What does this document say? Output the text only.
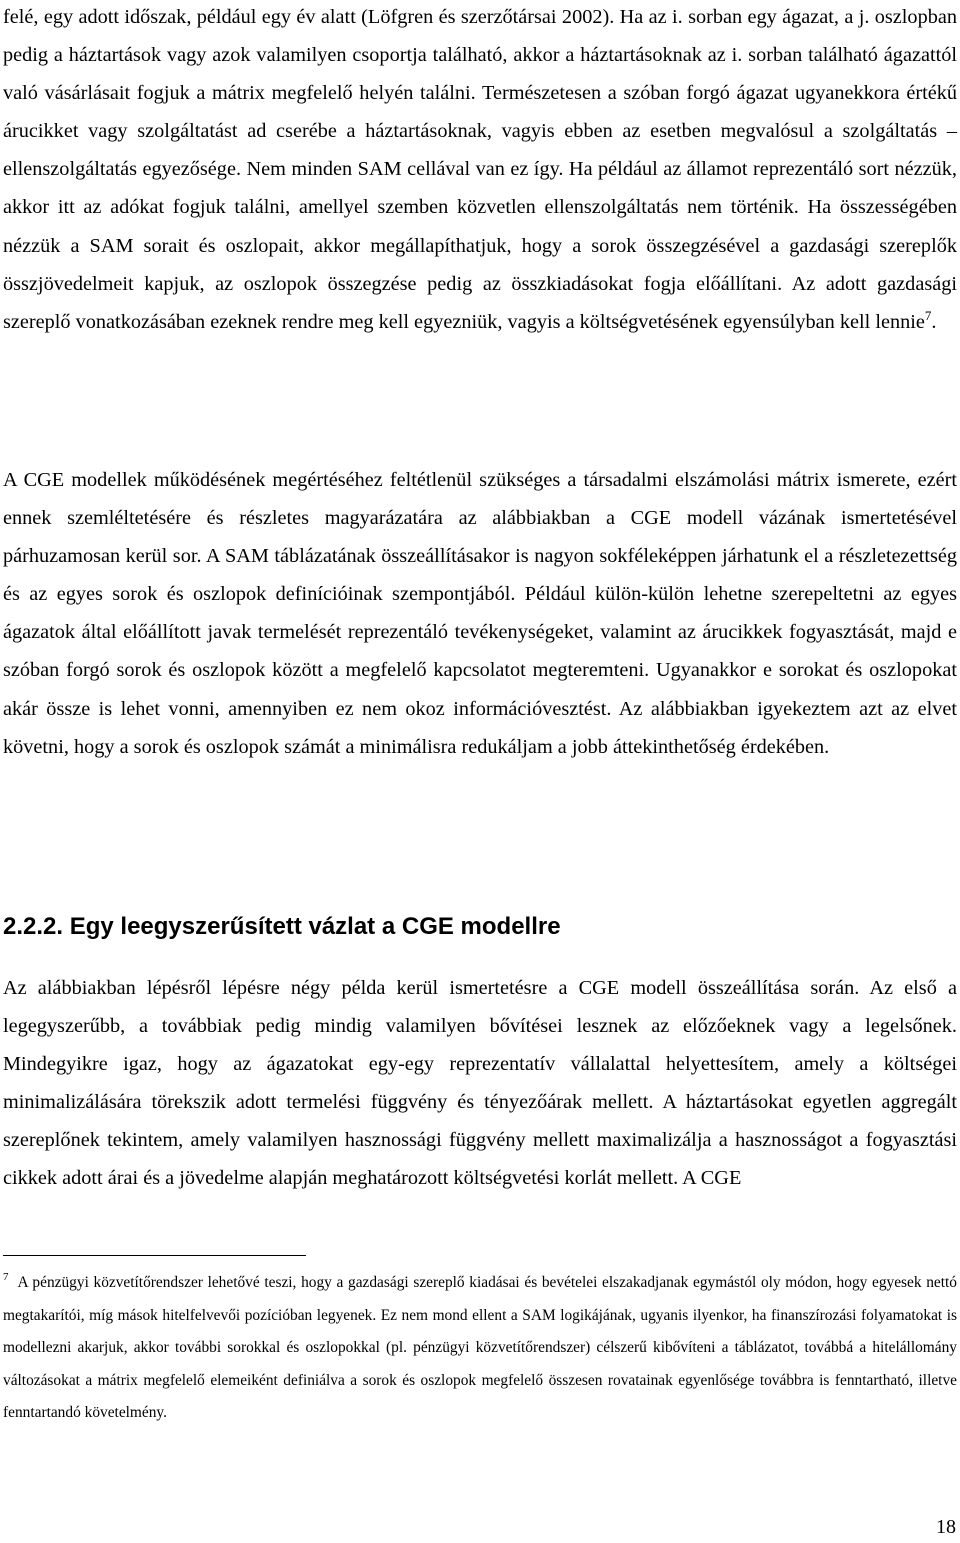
felé, egy adott időszak, például egy év alatt (Löfgren és szerzőtársai 2002). Ha az i. sorban egy ágazat, a j. oszlopban pedig a háztartások vagy azok valamilyen csoportja található, akkor a háztartásoknak az i. sorban található ágazattól való vásárlásait fogjuk a mátrix megfelelő helyén találni. Természetesen a szóban forgó ágazat ugyanekkora értékű árucikket vagy szolgáltatást ad cserébe a háztartásoknak, vagyis ebben az esetben megvalósul a szolgáltatás – ellenszolgáltatás egyezősége. Nem minden SAM cellával van ez így. Ha például az államot reprezentáló sort nézzük, akkor itt az adókat fogjuk találni, amellyel szemben közvetlen ellenszolgáltatás nem történik. Ha összességében nézzük a SAM sorait és oszlopait, akkor megállapíthatjuk, hogy a sorok összegzésével a gazdasági szereplők összjövedelmeit kapjuk, az oszlopok összegzése pedig az összkiadásokat fogja előállítani. Az adott gazdasági szereplő vonatkozásában ezeknek rendre meg kell egyezniük, vagyis a költségvetésének egyensúlyban kell lennie$^7$.

A CGE modellek működésének megértéséhez feltétlenül szükséges a társadalmi elszámolási mátrix ismerete, ezért ennek szemléltetésére és részletes magyarázatára az alábbiakban a CGE modell vázának ismertetésével párhuzamosan kerül sor. A SAM táblázatának összeállításakor is nagyon sokféleképpen járhatunk el a részletezettség és az egyes sorok és oszlopok definícióinak szempontjából. Például külön-külön lehetne szerepeltetni az egyes ágazatok által előállított javak termelését reprezentáló tevékenységeket, valamint az árucikkek fogyasztását, majd e szóban forgó sorok és oszlopok között a megfelelő kapcsolatot megteremteni. Ugyanakkor e sorokat és oszlopokat akár össze is lehet vonni, amennyiben ez nem okoz információvesztést. Az alábbiakban igyekeztem azt az elvet követni, hogy a sorok és oszlopok számát a minimálisra redukáljam a jobb áttekinthetőség érdekében.

2.2.2. Egy leegyszerűsített vázlat a CGE modellre

Az alábbiakban lépésről lépésre négy példa kerül ismertetésre a CGE modell összeállítása során. Az első a legegyszerűbb, a továbbiak pedig mindig valamilyen bővítései lesznek az előzőeknek vagy a legelsőnek. Mindegyikre igaz, hogy az ágazatokat egy-egy reprezentatív vállalattal helyettesítem, amely a költségei minimalizálására törekszik adott termelési függvény és tényezőárak mellett. A háztartásokat egyetlen aggregált szereplőnek tekintem, amely valamilyen hasznossági függvény mellett maximalizálja a hasznosságot a fogyasztási cikkek adott árai és a jövedelme alapján meghatározott költségvetési korlát mellett. A CGE

$^7$ A pénzügyi közvetítőrendszer lehetővé teszi, hogy a gazdasági szereplő kiadásai és bevételei elszakadjanak egymástól oly módon, hogy egyesek nettó megtakarítói, míg mások hitelfelvevői pozícióban legyenek. Ez nem mond ellent a SAM logikájának, ugyanis ilyenkor, ha finanszírozási folyamatokat is modellezni akarjuk, akkor további sorokkal és oszlopokkal (pl. pénzügyi közvetítőrendszer) célszerű kibővíteni a táblázatot, továbbá a hitelállomány változásokat a mátrix megfelelő elemeiként definiálva a sorok és oszlopok megfelelő összesen rovatainak egyenlősége továbbra is fenntartható, illetve fenntartandó követelmény.

18
